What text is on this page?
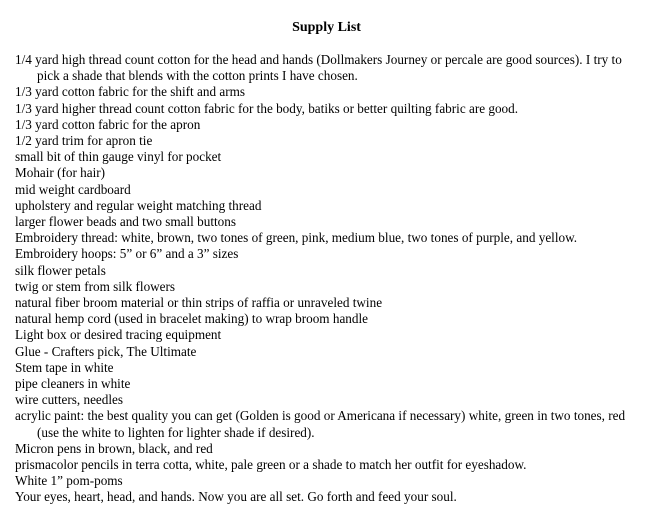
Supply List
1/4 yard high thread count cotton for the head and hands (Dollmakers Journey or percale are good sources). I try to pick a shade that blends with the cotton prints I have chosen.
1/3 yard cotton fabric for the shift and arms
1/3 yard higher thread count cotton fabric for the body, batiks or better quilting fabric are good.
1/3 yard cotton fabric for the apron
1/2 yard trim for apron tie
small bit of thin gauge vinyl for pocket
Mohair (for hair)
mid weight cardboard
upholstery and regular weight matching thread
larger flower beads and two small buttons
Embroidery thread: white, brown, two tones of green, pink, medium blue, two tones of purple, and yellow.
Embroidery hoops: 5” or 6” and a 3” sizes
silk flower petals
twig or stem from silk flowers
natural fiber broom material or thin strips of raffia or unraveled twine
natural hemp cord (used in bracelet making) to wrap broom handle
Light box or desired tracing equipment
Glue - Crafters pick, The Ultimate
Stem tape in white
pipe cleaners in white
wire cutters, needles
acrylic paint: the best quality you can get (Golden is good or Americana if necessary) white, green in two tones, red (use the white to lighten for lighter shade if desired).
Micron pens in brown, black, and red
prismacolor pencils in terra cotta, white, pale green or a shade to match her outfit for eyeshadow.
White 1” pom-poms
Your eyes, heart, head, and hands. Now you are all set. Go forth and feed your soul.
